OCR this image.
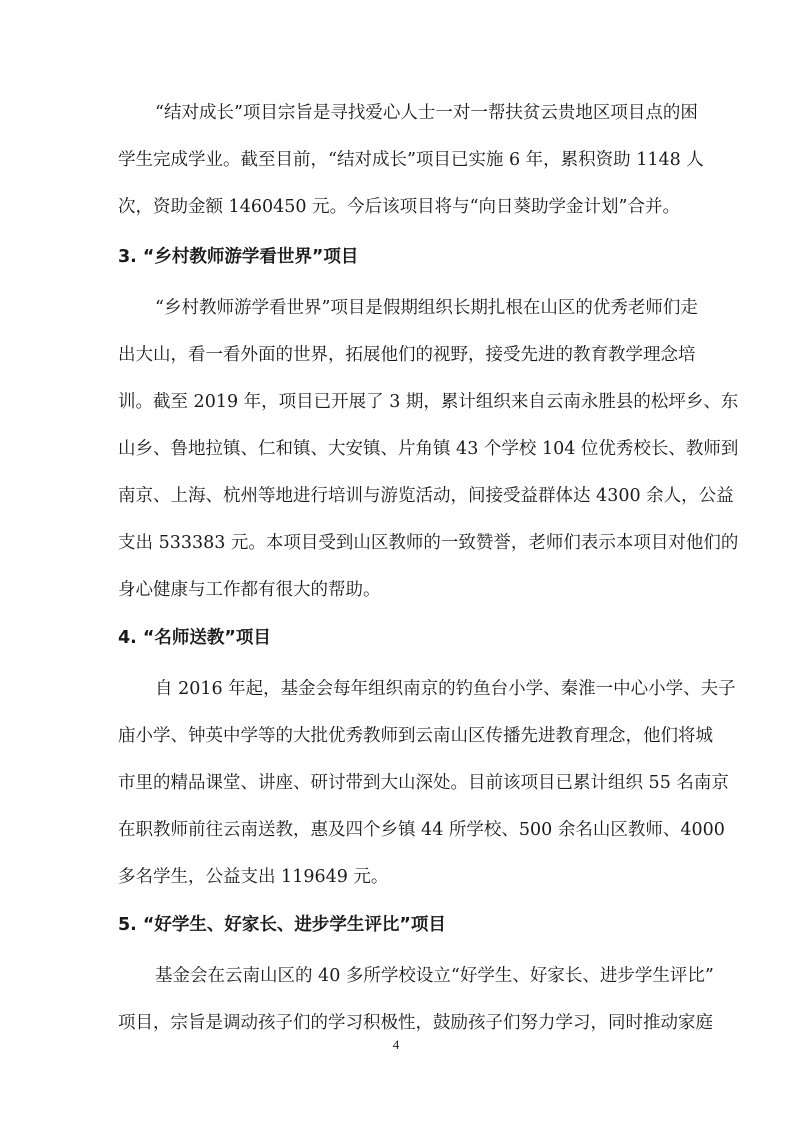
“结对成长”项目宗旨是寻找爱心人士一对一帮扶贫云贵地区项目点的困
学生完成学业。截至目前，“结对成长”项目已实施 6 年，累积资助 1148 人
次，资助金额 1460450 元。今后该项目将与“向日葵助学金计划”合并。
3. “乡村教师游学看世界”项目
“乡村教师游学看世界”项目是假期组织长期扎根在山区的优秀老师们走
出大山，看一看外面的世界，拓展他们的视野，接受先进的教育教学理念培
训。截至 2019 年，项目已开展了 3 期，累计组织来自云南永胜县的松坪乡、东
山乡、鲁地拉镇、仁和镇、大安镇、片角镇 43 个学校 104 位优秀校长、教师到
南京、上海、杭州等地进行培训与游览活动，间接受益群体达 4300 余人，公益
支出 533383 元。本项目受到山区教师的一致赞誉，老师们表示本项目对他们的
身心健康与工作都有很大的帮助。
4. “名师送教”项目
自 2016 年起，基金会每年组织南京的钓鱼台小学、秦淮一中心小学、夫子
庙小学、钟英中学等的大批优秀教师到云南山区传播先进教育理念，他们将城
市里的精品课堂、讲座、研讨带到大山深处。目前该项目已累计组织 55 名南京
在职教师前往云南送教，惠及四个乡镇 44 所学校、500 余名山区教师、4000
多名学生，公益支出 119649 元。
5. “好学生、好家长、进步学生评比”项目
基金会在云南山区的 40 多所学校设立“好学生、好家长、进步学生评比”
项目，宗旨是调动孩子们的学习积极性，鼓励孩子们努力学习，同时推动家庭
4
